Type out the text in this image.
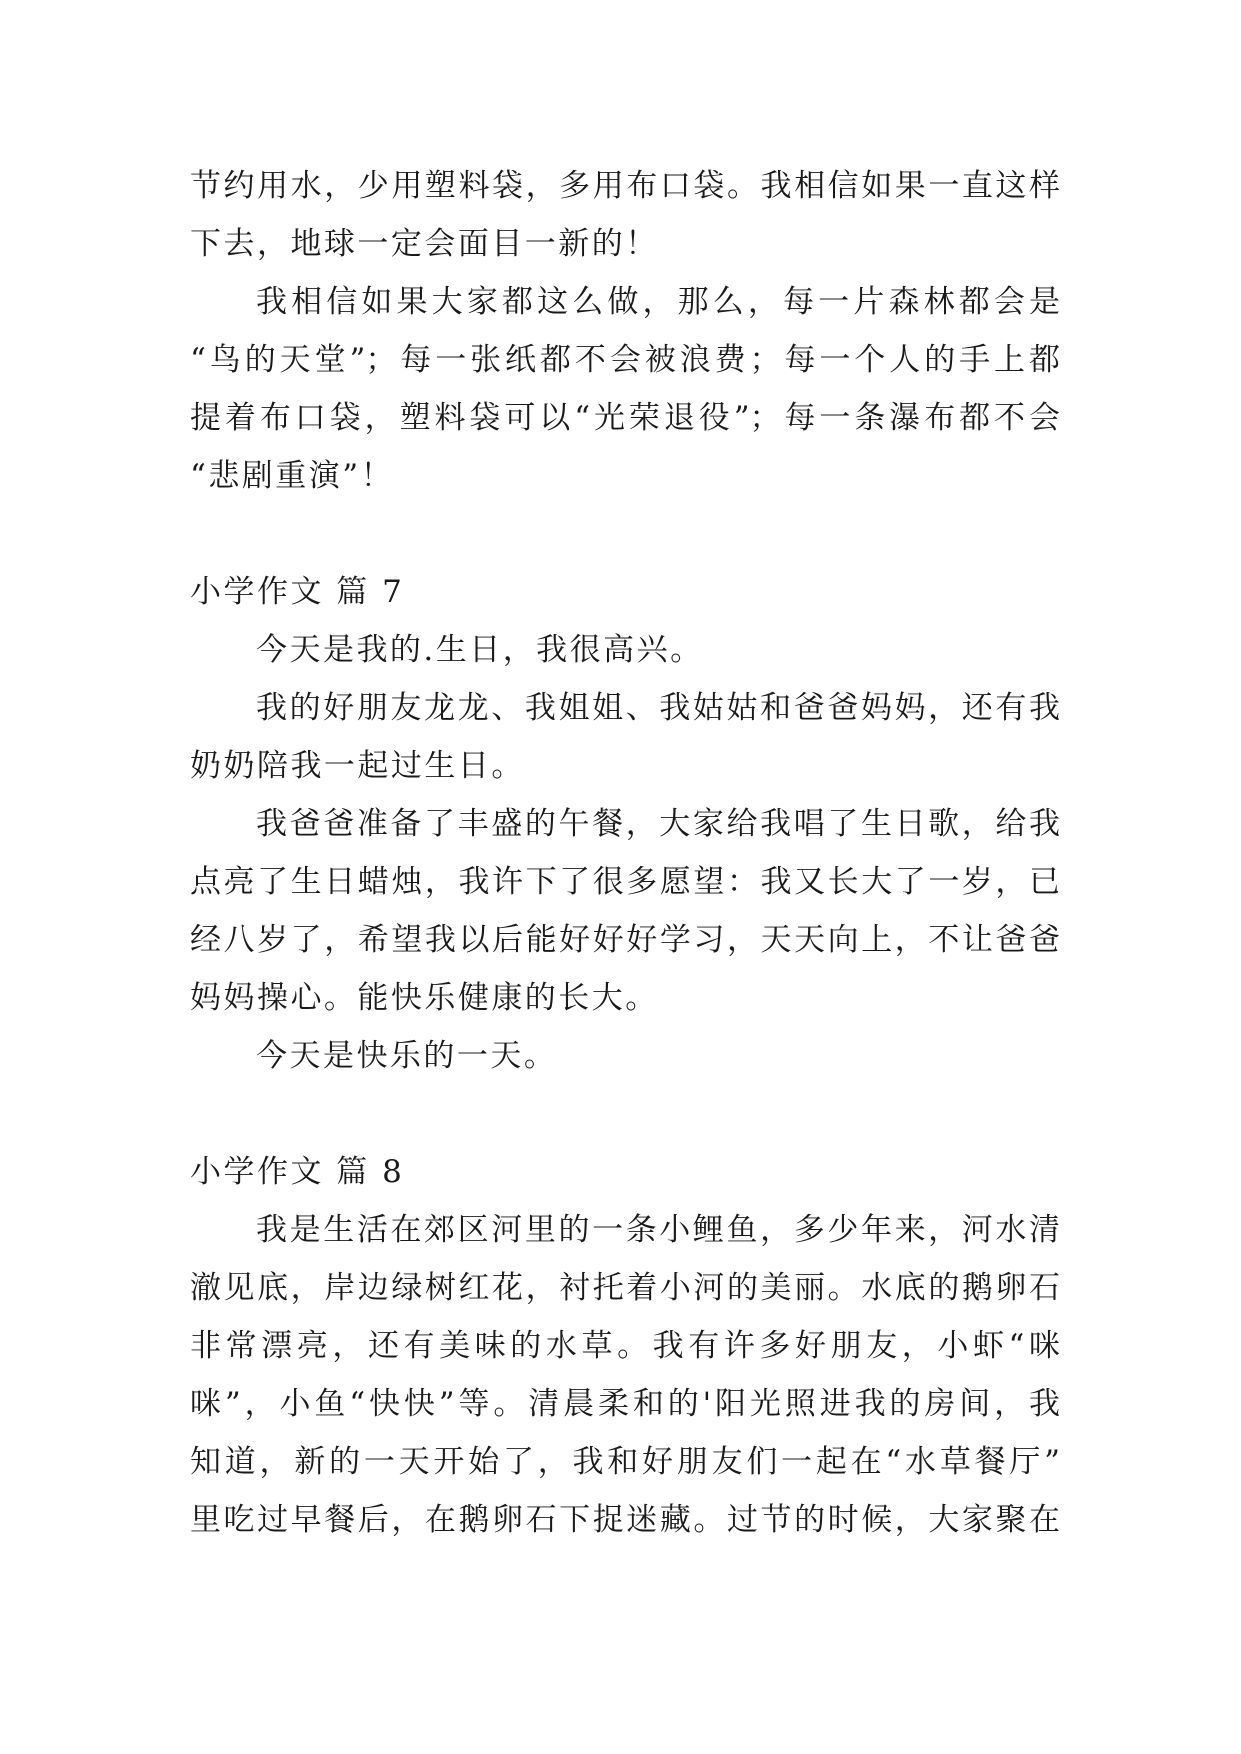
节约用水，少用塑料袋，多用布口袋。我相信如果一直这样
下去，地球一定会面目一新的！
我相信如果大家都这么做，那么，每一片森林都会是
“鸟的天堂”；每一张纸都不会被浪费；每一个人的手上都
提着布口袋，塑料袋可以“光荣退役”；每一条瀑布都不会
“悲剧重演”！
小学作文 篇 7
今天是我的.生日，我很高兴。
我的好朋友龙龙、我姐姐、我姑姑和爸爸妈妈，还有我
奶奶陪我一起过生日。
我爸爸准备了丰盛的午餐，大家给我唱了生日歌，给我
点亮了生日蜡烛，我许下了很多愿望：我又长大了一岁，已
经八岁了，希望我以后能好好好学习，天天向上，不让爸爸
妈妈操心。能快乐健康的长大。
今天是快乐的一天。
小学作文 篇 8
我是生活在郊区河里的一条小鲤鱼，多少年来，河水清
澈见底，岸边绿树红花，衬托着小河的美丽。水底的鹅卵石
非常漂亮，还有美味的水草。我有许多好朋友，小虾“咪
咪”，小鱼“快快”等。清晨柔和的'阳光照进我的房间，我
知道，新的一天开始了，我和好朋友们一起在“水草餐厅”
里吃过早餐后，在鹅卵石下捉迷藏。过节的时候，大家聚在
